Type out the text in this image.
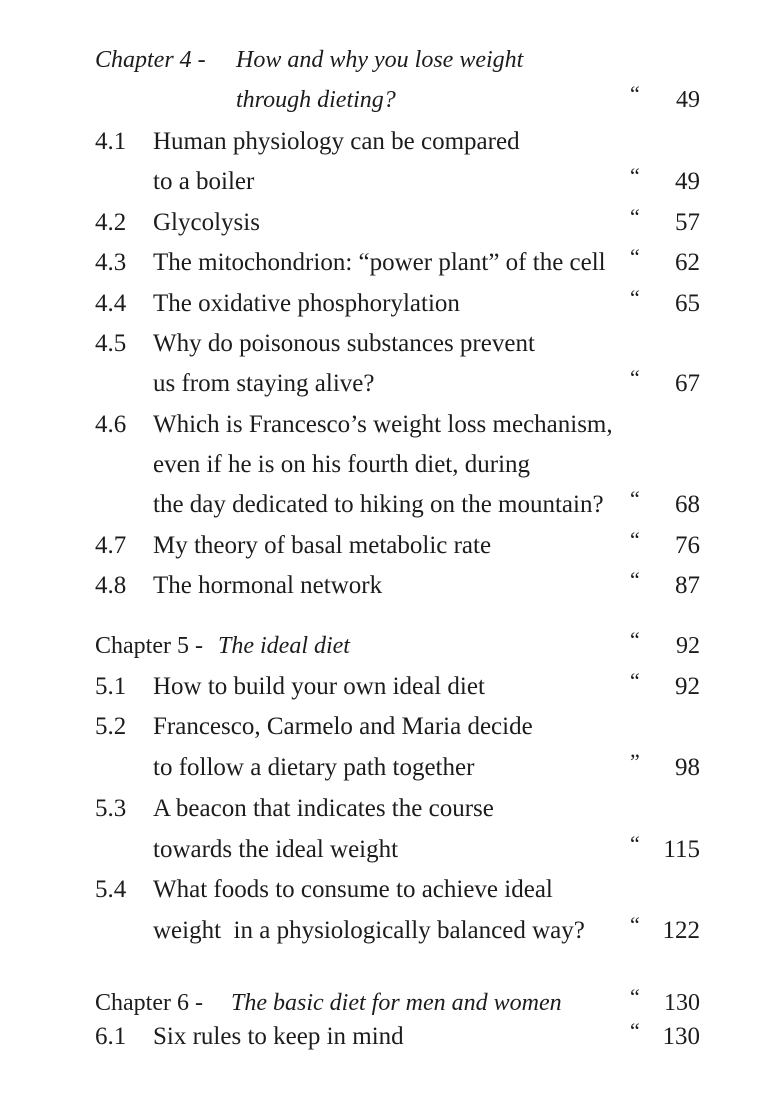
Chapter 4 - How and why you lose weight
through dieting?	“ 49
4.1 Human physiology can be compared
to a boiler	“ 49
4.2 Glycolysis	“ 57
4.3 The mitochondrion: “power plant” of the cell “ 62
4.4 The oxidative phosphorylation	“ 65
4.5 Why do poisonous substances prevent
us from staying alive?	“ 67
4.6 Which is Francesco’s weight loss mechanism,
even if he is on his fourth diet, during
the day dedicated to hiking on the mountain? “ 68
4.7 My theory of basal metabolic rate	“ 76
4.8 The hormonal network	“ 87
Chapter 5 - The ideal diet	“ 92
5.1 How to build your own ideal diet	“ 92
5.2 Francesco, Carmelo and Maria decide
to follow a dietary path together	” 98
5.3 A beacon that indicates the course
towards the ideal weight	“ 115
5.4 What foods to consume to achieve ideal
weight  in a physiologically balanced way? “ 122
Chapter 6 - The basic diet for men and women	“ 130
6.1 Six rules to keep in mind	“ 130
